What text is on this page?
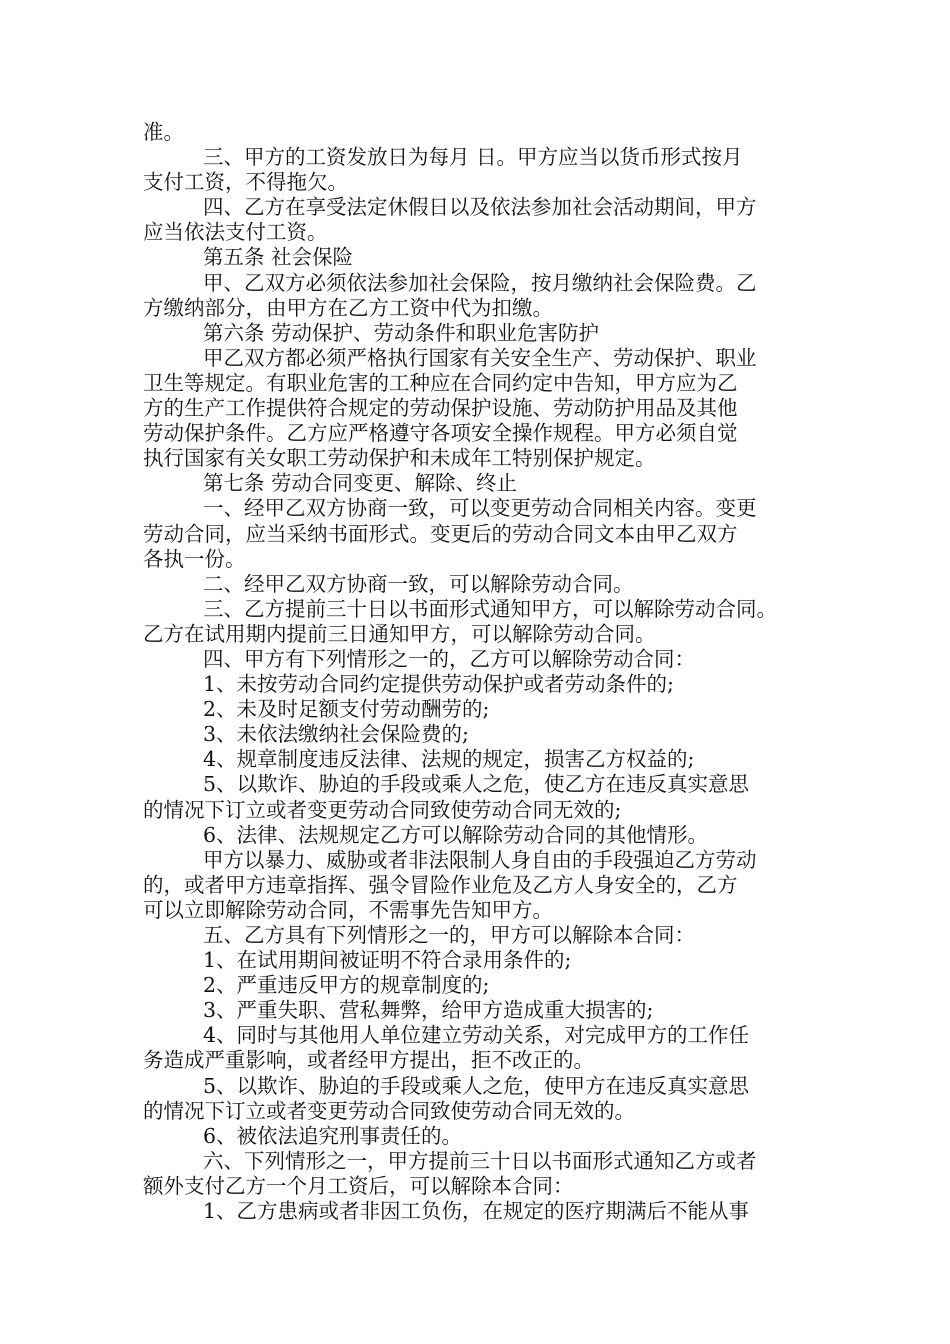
准。
三、甲方的工资发放日为每月 日。甲方应当以货币形式按月
支付工资，不得拖欠。
四、乙方在享受法定休假日以及依法参加社会活动期间，甲方
应当依法支付工资。
第五条 社会保险
甲、乙双方必须依法参加社会保险，按月缴纳社会保险费。乙
方缴纳部分，由甲方在乙方工资中代为扣缴。
第六条 劳动保护、劳动条件和职业危害防护
甲乙双方都必须严格执行国家有关安全生产、劳动保护、职业
卫生等规定。有职业危害的工种应在合同约定中告知，甲方应为乙
方的生产工作提供符合规定的劳动保护设施、劳动防护用品及其他
劳动保护条件。乙方应严格遵守各项安全操作规程。甲方必须自觉
执行国家有关女职工劳动保护和未成年工特别保护规定。
第七条 劳动合同变更、解除、终止
一、经甲乙双方协商一致，可以变更劳动合同相关内容。变更
劳动合同，应当采纳书面形式。变更后的劳动合同文本由甲乙双方
各执一份。
二、经甲乙双方协商一致，可以解除劳动合同。
三、乙方提前三十日以书面形式通知甲方，可以解除劳动合同。
乙方在试用期内提前三日通知甲方，可以解除劳动合同。
四、甲方有下列情形之一的，乙方可以解除劳动合同：
1、未按劳动合同约定提供劳动保护或者劳动条件的;
2、未及时足额支付劳动酬劳的;
3、未依法缴纳社会保险费的;
4、规章制度违反法律、法规的规定，损害乙方权益的;
5、以欺诈、胁迫的手段或乘人之危，使乙方在违反真实意思
的情况下订立或者变更劳动合同致使劳动合同无效的;
6、法律、法规规定乙方可以解除劳动合同的其他情形。
甲方以暴力、威胁或者非法限制人身自由的手段强迫乙方劳动
的，或者甲方违章指挥、强令冒险作业危及乙方人身安全的，乙方
可以立即解除劳动合同，不需事先告知甲方。
五、乙方具有下列情形之一的，甲方可以解除本合同：
1、在试用期间被证明不符合录用条件的;
2、严重违反甲方的规章制度的;
3、严重失职、营私舞弊，给甲方造成重大损害的;
4、同时与其他用人单位建立劳动关系，对完成甲方的工作任
务造成严重影响，或者经甲方提出，拒不改正的。
5、以欺诈、胁迫的手段或乘人之危，使甲方在违反真实意思
的情况下订立或者变更劳动合同致使劳动合同无效的。
6、被依法追究刑事责任的。
六、下列情形之一，甲方提前三十日以书面形式通知乙方或者
额外支付乙方一个月工资后，可以解除本合同：
1、乙方患病或者非因工负伤，在规定的医疗期满后不能从事
